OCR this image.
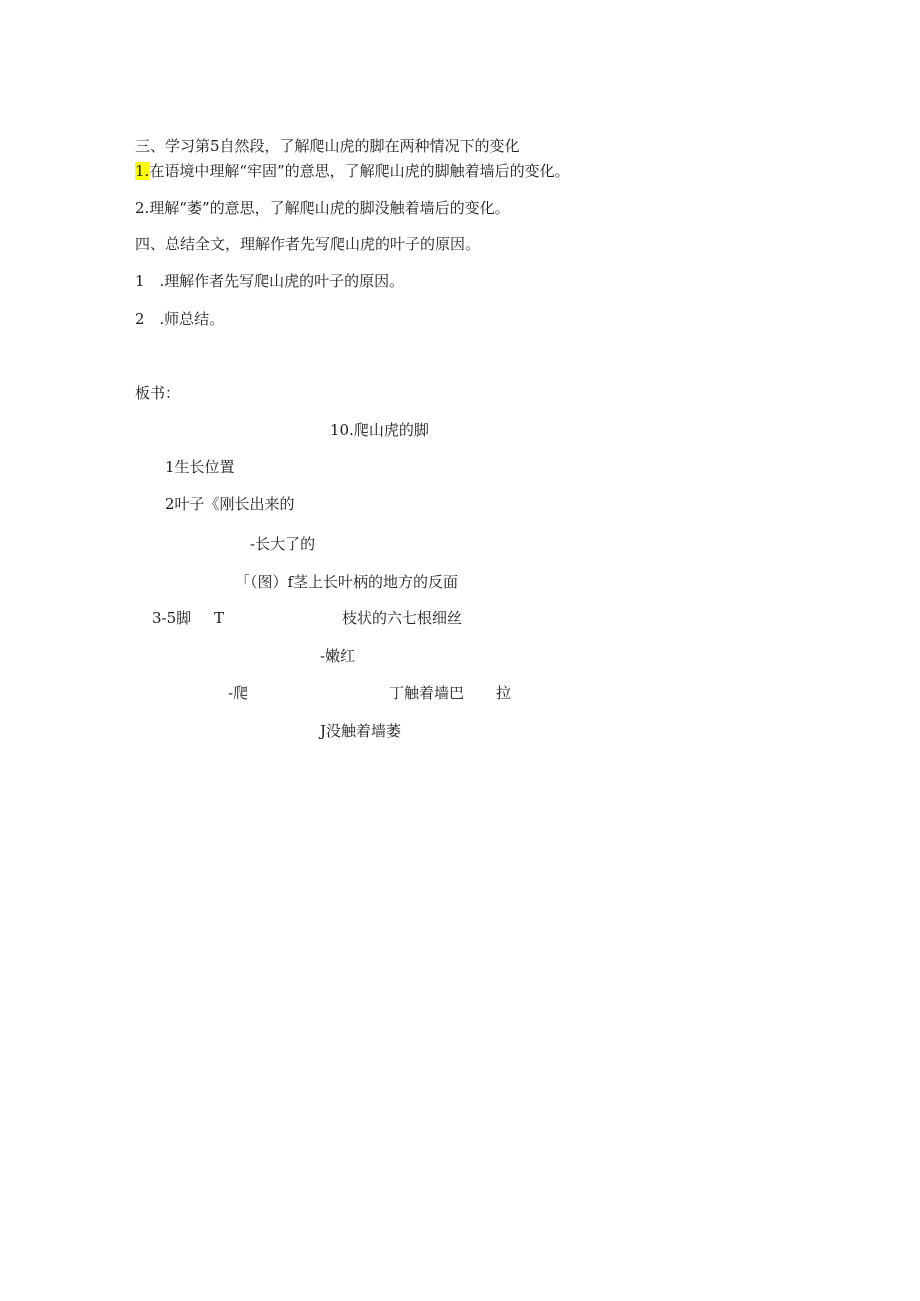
三、学习第5自然段，了解爬山虎的脚在两种情况下的变化
1.在语境中理解“牢固”的意思，了解爬山虎的脚触着墙后的变化。
2.理解“萎”的意思，了解爬山虎的脚没触着墙后的变化。
四、总结全文，理解作者先写爬山虎的叶子的原因。
1 .理解作者先写爬山虎的叶子的原因。
2 .师总结。
板书：
10.爬山虎的脚
1生长位置
2叶子《刚长出来的
-长大了的
「（图）f茎上长叶柄的地方的反面
3-5脚 T	枝状的六七根细丝
-嫩红
-爬	丁触着墙巴 拉
J没触着墙萎
